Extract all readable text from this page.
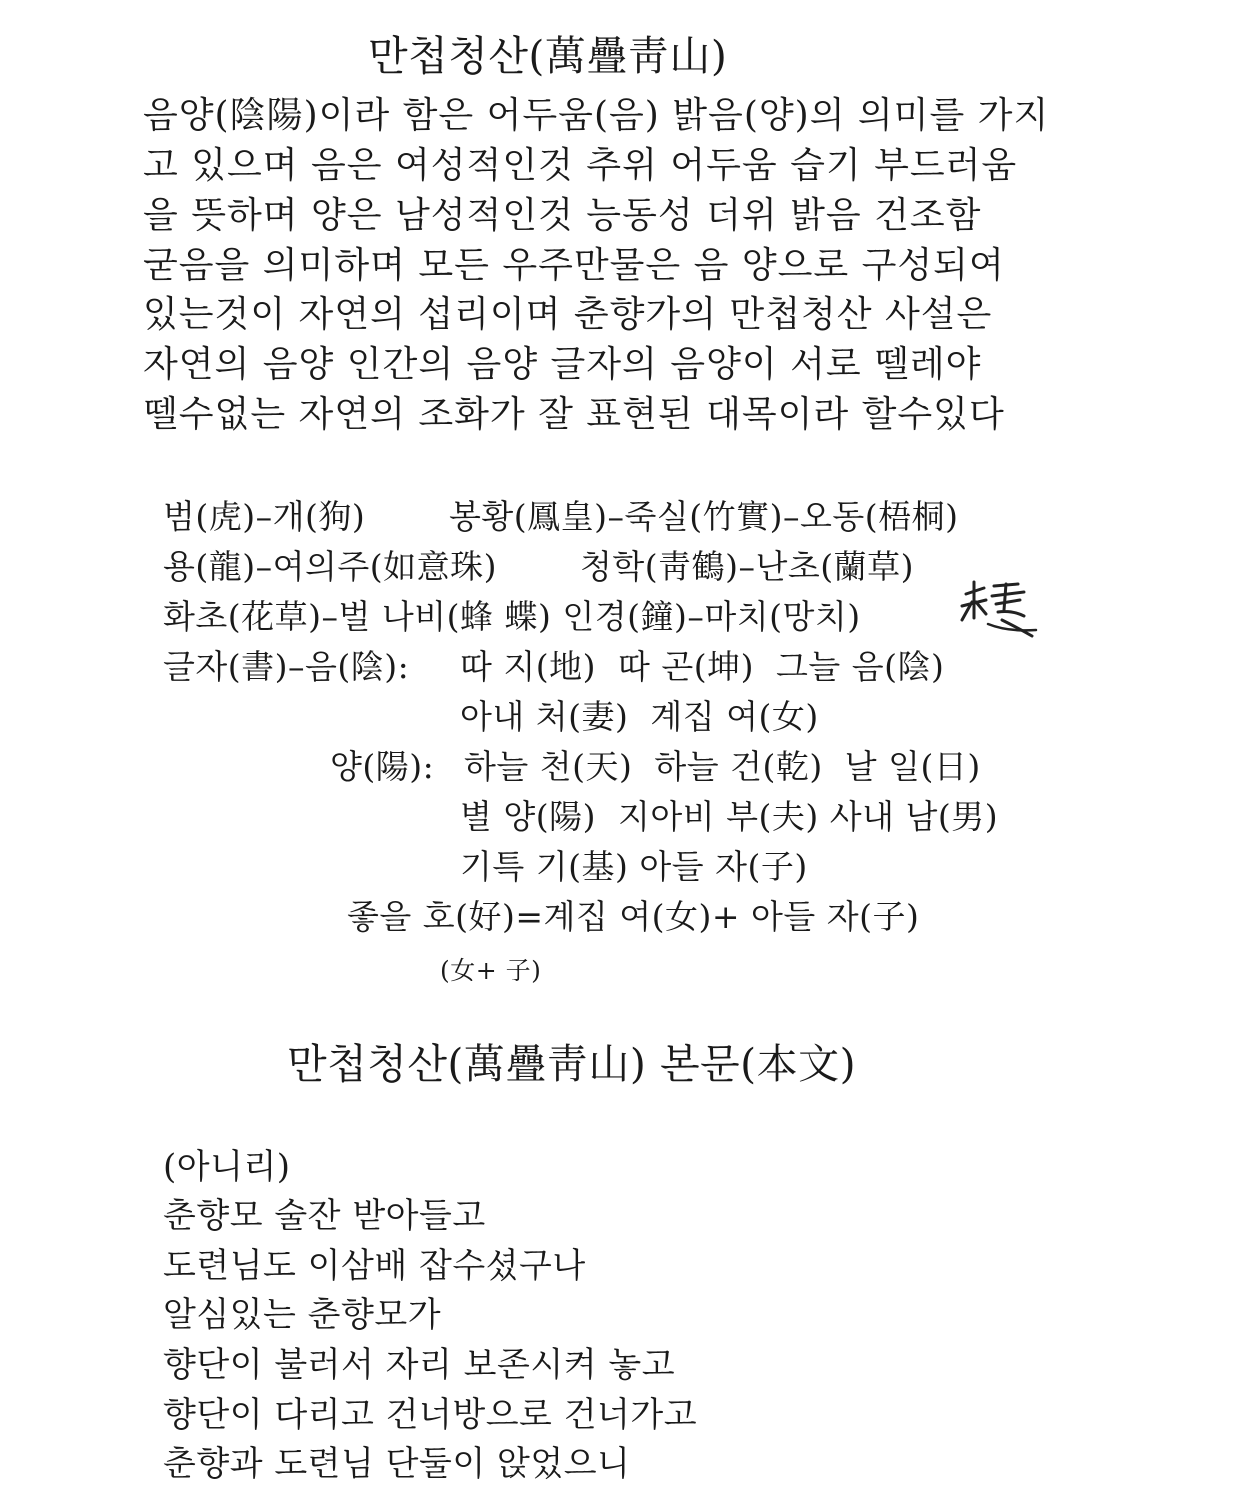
만첩청산(萬疊靑山)
음양(陰陽)이라 함은 어두움(음) 밝음(양)의 의미를 가지
고 있으며 음은 여성적인것 추위 어두움 습기 부드러움
을 뜻하며 양은 남성적인것 능동성 더위 밝음 건조함
굳음을 의미하며 모든 우주만물은 음 양으로 구성되여
있는것이 자연의 섭리이며 춘향가의 만첩청산 사설은
자연의 음양 인간의 음양 글자의 음양이 서로 뗄레야
뗄수없는 자연의 조화가 잘 표현된 대목이라 할수있다
범(虎)–개(狗)	봉황(鳳皇)–죽실(竹實)–오동(梧桐)
용(龍)–여의주(如意珠)	청학(靑鶴)–난초(蘭草)
화초(花草)–벌 나비(蜂 蝶) 인경(鐘)–마치(망치)
글자(書)–음(陰): 따 지(地)  따 곤(坤)  그늘 음(陰)
아내 처(妻)  계집 여(女)
양(陽): 하늘 천(天)  하늘 건(乾)  날 일(日)
별 양(陽)  지아비 부(夫) 사내 남(男)
기특 기(基) 아들 자(子)
좋을 호(好)=계집 여(女)+ 아들 자(子)
(女+ 子)
만첩청산(萬疊靑山) 본문(本文)
(아니리)
춘향모 술잔 받아들고
도련님도 이삼배 잡수셨구나
알심있는 춘향모가
향단이 불러서 자리 보존시켜 놓고
향단이 다리고 건너방으로 건너가고
춘향과 도련님 단둘이 앉었으니
